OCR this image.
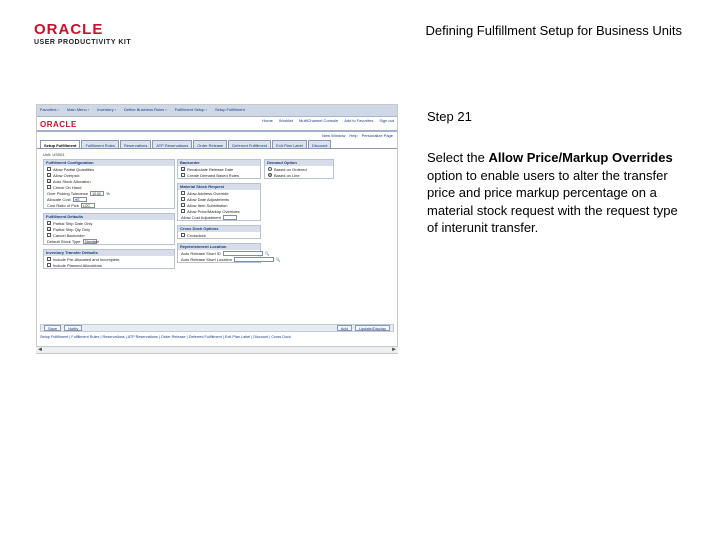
ORACLE
USER PRODUCTIVITY KIT
Defining Fulfillment Setup for Business Units
Favorites › Main Menu › Inventory › Define Business Rules › Fulfillment Setup › Setup Fulfillment
ORACLE	Home Worklist MultiChannel Console Add to Favorites Sign out
New Window Help Personalize Page
Setup Fulfillment	Fulfillment Rules	Reservations	ATP Reservations	Order Release	Deferred Fulfillment	Exit Plan Label	Discount
Unit: US001
Fulfillment Configuration
Allow Partial Quantities
✓ Allow Overpick
✓ Auto Stock Allocation
Check On Hand
Over Picking Tolerance	10.00	%
Allocate Cost	HS
Cost Ratio of Pick	LOC
Fulfillment Defaults
✓ Partial Ship Date Only
✓ Partial Ship Qty Only
Cancel Backorder
Default Stock Type	Standard
Inventory Transfer Defaults
Include Pre-Allocated and Incomplete
Include Planned Allocations
Backorder
✓ Recalculate Release Date
Create Demand Based Rules
Material Stock Request
Allow Address Override
Allow Date Adjustments
Allow Item Substitution
Allow Price/Markup Overrides
Allow Cost Adjustment
Cross Dock Options
Crossdock
Replenishment Location
Auto Release Short ID	🔍
Auto Release Short Location	🔍
Demand Option
Based on Ordered
Based on Line
Save	Notify	Add	Update/Display
Setup Fulfillment | Fulfillment Rules | Reservations | ATP Reservations | Order Release | Deferred Fulfillment | Exit Plan Label | Discount | Cross Dock
◄	►
Step 21
Select the Allow Price/Markup Overrides option to enable users to alter the transfer price and price markup percentage on a material stock request with the request type of interunit transfer.
